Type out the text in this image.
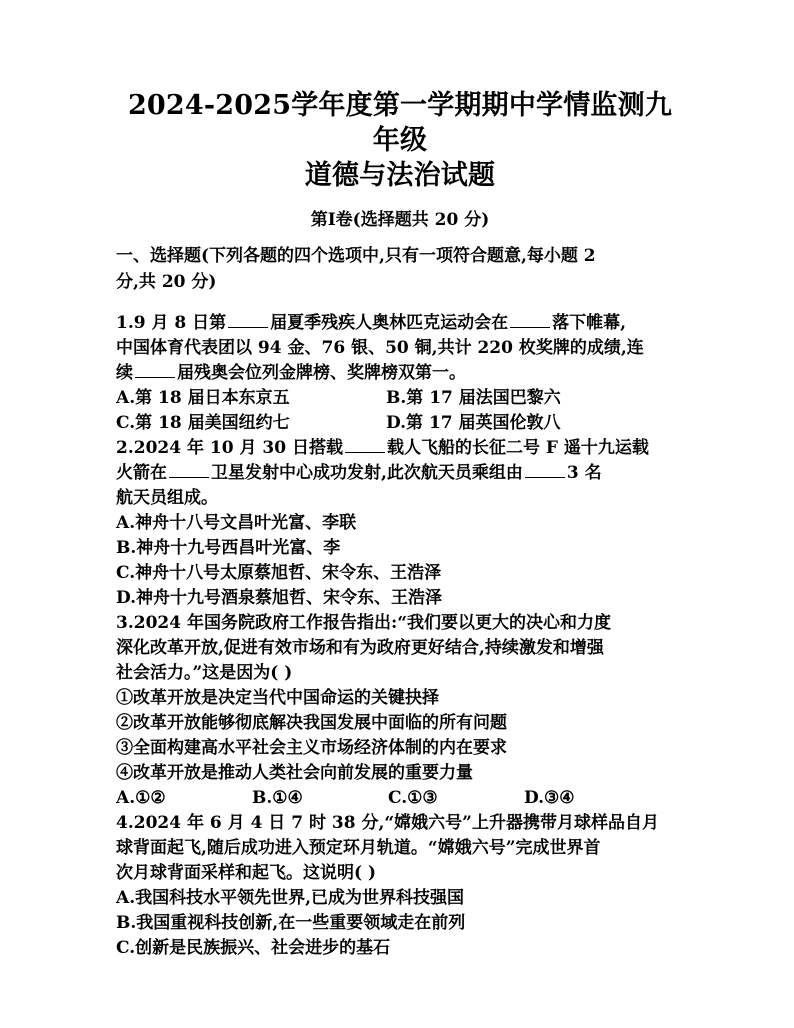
2024-2025学年度第一学期期中学情监测九年级
道德与法治试题
第I卷(选择题共 20 分)
一、选择题(下列各题的四个选项中,只有一项符合题意,每小题 2
分,共 20 分)
1.9 月 8 日第	届夏季残疾人奥林匹克运动会在	落下帷幕,
中国体育代表团以 94 金、76 银、50 铜,共计 220 枚奖牌的成绩,连
续	届残奥会位列金牌榜、奖牌榜双第一。
A.第 18 届日本东京五	B.第 17 届法国巴黎六
C.第 18 届美国纽约七	D.第 17 届英国伦敦八
2.2024 年 10 月 30 日搭载	载人飞船的长征二号 F 遥十九运载
火箭在	卫星发射中心成功发射,此次航天员乘组由	3 名
航天员组成。
A.神舟十八号文昌叶光富、李联
B.神舟十九号西昌叶光富、李
C.神舟十八号太原蔡旭哲、宋令东、王浩泽
D.神舟十九号酒泉蔡旭哲、宋令东、王浩泽
3.2024 年国务院政府工作报告指出:“我们要以更大的决心和力度
深化改革开放,促进有效市场和有为政府更好结合,持续激发和增强
社会活力。”这是因为( )
①改革开放是决定当代中国命运的关键抉择
②改革开放能够彻底解决我国发展中面临的所有问题
③全面构建高水平社会主义市场经济体制的内在要求
④改革开放是推动人类社会向前发展的重要力量
A.①②	B.①④	C.①③	D.③④
4.2024 年 6 月 4 日 7 时 38 分,“嫦娥六号”上升器携带月球样品自月
球背面起飞,随后成功进入预定环月轨道。“嫦娥六号”完成世界首
次月球背面采样和起飞。这说明( )
A.我国科技水平领先世界,已成为世界科技强国
B.我国重视科技创新,在一些重要领域走在前列
C.创新是民族振兴、社会进步的基石
